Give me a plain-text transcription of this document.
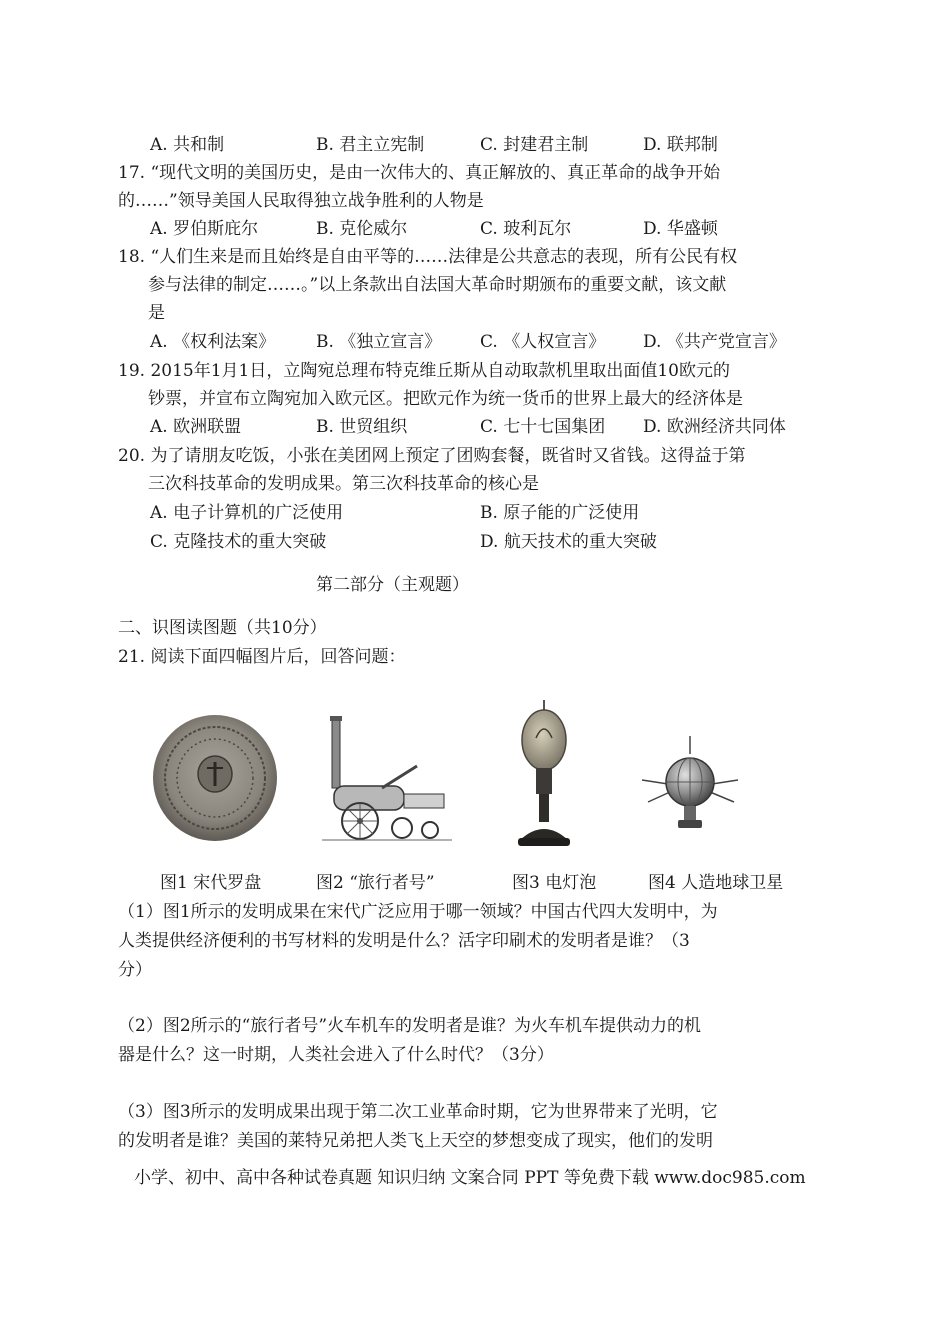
A. 共和制	B. 君主立宪制	C. 封建君主制	D. 联邦制
17. “现代文明的美国历史，是由一次伟大的、真正解放的、真正革命的战争开始
的……”领导美国人民取得独立战争胜利的人物是
A. 罗伯斯庇尔	B. 克伦威尔	C. 玻利瓦尔	D. 华盛顿
18. “人们生来是而且始终是自由平等的……法律是公共意志的表现，所有公民有权
参与法律的制定……。”以上条款出自法国大革命时期颁布的重要文献，该文献
是
A. 《权利法案》 B. 《独立宣言》 C. 《人权宣言》 D. 《共产党宣言》
19. 2015年1月1日，立陶宛总理布特克维丘斯从自动取款机里取出面值10欧元的
钞票，并宣布立陶宛加入欧元区。把欧元作为统一货币的世界上最大的经济体是
A. 欧洲联盟	B. 世贸组织	C. 七十七国集团 D. 欧洲经济共同体
20. 为了请朋友吃饭，小张在美团网上预定了团购套餐，既省时又省钱。这得益于第
三次科技革命的发明成果。第三次科技革命的核心是
A. 电子计算机的广泛使用	B. 原子能的广泛使用
C. 克隆技术的重大突破	D. 航天技术的重大突破
第二部分（主观题）
二、识图读图题（共10分）
21. 阅读下面四幅图片后，回答问题：
图1 宋代罗盘	图2 “旅行者号”	图3 电灯泡	图4 人造地球卫星
（1）图1所示的发明成果在宋代广泛应用于哪一领域？中国古代四大发明中，为
人类提供经济便利的书写材料的发明是什么？活字印刷术的发明者是谁？（3
分）
（2）图2所示的“旅行者号”火车机车的发明者是谁？为火车机车提供动力的机
器是什么？这一时期，人类社会进入了什么时代？（3分）
（3）图3所示的发明成果出现于第二次工业革命时期，它为世界带来了光明，它
的发明者是谁？美国的莱特兄弟把人类飞上天空的梦想变成了现实，他们的发明
小学、初中、高中各种试卷真题 知识归纳 文案合同 PPT 等免费下载 www.doc985.com
